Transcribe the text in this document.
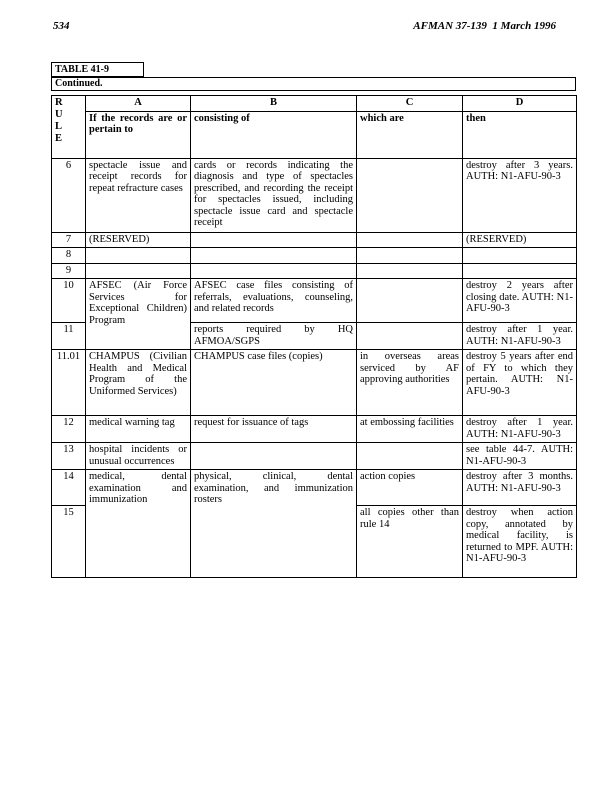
534	AFMAN 37-139  1 March 1996
TABLE 41-9
Continued.
R
U
L
E	A	B	C	D
	If the records are or pertain to	consisting of	which are	then
6	spectacle issue and receipt records for repeat refracture cases	cards or records indicating the diagnosis and type of spectacles prescribed, and recording the receipt for spectacles issued, including spectacle issue card and spectacle receipt		destroy after 3 years. AUTH: N1-AFU-90-3
7	(RESERVED)			(RESERVED)
8				
9				
10	AFSEC (Air Force Services for Exceptional Children) Program	AFSEC case files consisting of referrals, evaluations, counseling, and related records		destroy 2 years after closing date. AUTH: N1-AFU-90-3
11		reports required by HQ AFMOA/SGPS		destroy after 1 year. AUTH: N1-AFU-90-3
11.01	CHAMPUS (Civilian Health and Medical Program of the Uniformed Services)	CHAMPUS case files (copies)	in overseas areas serviced by AF approving authorities	destroy 5 years after end of FY to which they pertain. AUTH: N1-AFU-90-3
12	medical warning tag	request for issuance of tags	at embossing facilities	destroy after 1 year. AUTH: N1-AFU-90-3
13	hospital incidents or unusual occurrences			see table 44-7. AUTH: N1-AFU-90-3
14	medical, dental examination and immunization	physical, clinical, dental examination, and immunization rosters	action copies	destroy after 3 months. AUTH: N1-AFU-90-3
15			all copies other than rule 14	destroy when action copy, annotated by medical facility, is returned to MPF. AUTH: N1-AFU-90-3
